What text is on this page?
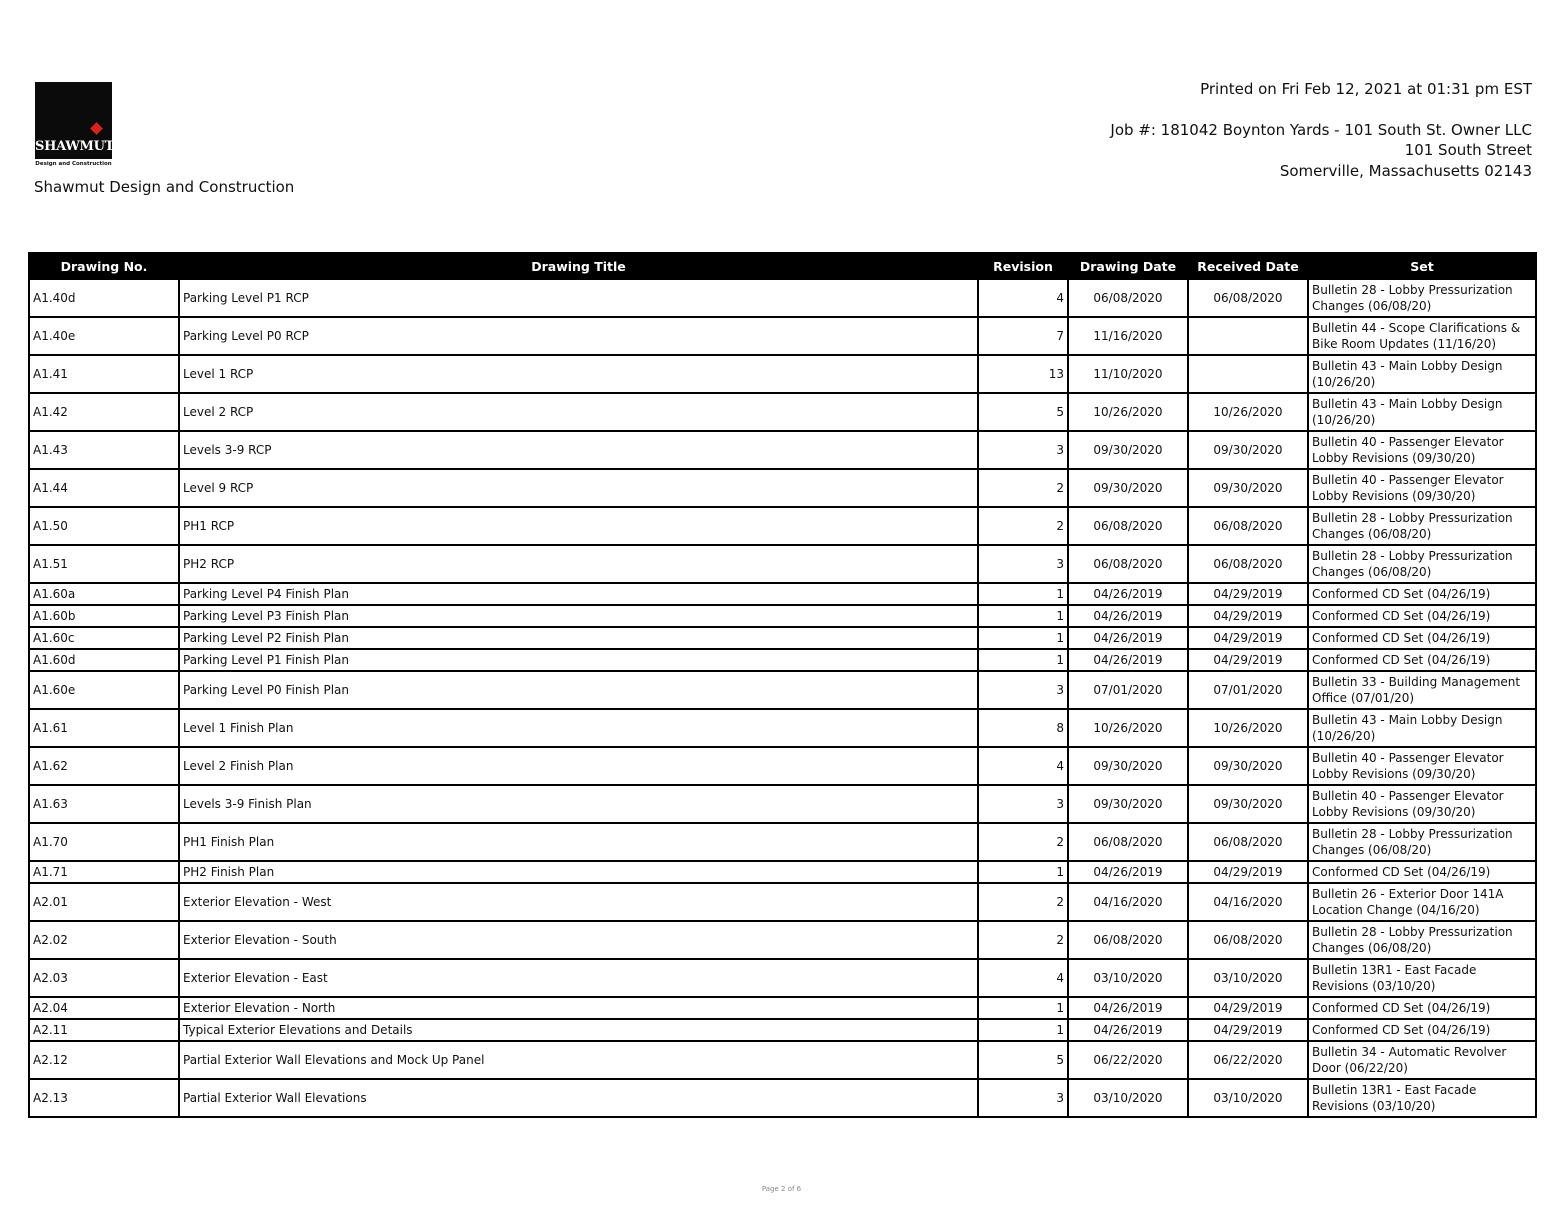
SHAWMUT
Design and Construction
Shawmut Design and Construction
Printed on Fri Feb 12, 2021 at 01:31 pm EST
Job #: 181042 Boynton Yards - 101 South St. Owner LLC
101 South Street
Somerville, Massachusetts 02143
Drawing No.	Drawing Title	Revision	Drawing Date	Received Date	Set
A1.40d	Parking Level P1 RCP	4	06/08/2020	06/08/2020	Bulletin 28 - Lobby Pressurization Changes (06/08/20)
A1.40e	Parking Level P0 RCP	7	11/16/2020		Bulletin 44 - Scope Clarifications & Bike Room Updates (11/16/20)
A1.41	Level 1 RCP	13	11/10/2020		Bulletin 43 - Main Lobby Design (10/26/20)
A1.42	Level 2 RCP	5	10/26/2020	10/26/2020	Bulletin 43 - Main Lobby Design (10/26/20)
A1.43	Levels 3-9 RCP	3	09/30/2020	09/30/2020	Bulletin 40 - Passenger Elevator Lobby Revisions (09/30/20)
A1.44	Level 9 RCP	2	09/30/2020	09/30/2020	Bulletin 40 - Passenger Elevator Lobby Revisions (09/30/20)
A1.50	PH1 RCP	2	06/08/2020	06/08/2020	Bulletin 28 - Lobby Pressurization Changes (06/08/20)
A1.51	PH2 RCP	3	06/08/2020	06/08/2020	Bulletin 28 - Lobby Pressurization Changes (06/08/20)
A1.60a	Parking Level P4 Finish Plan	1	04/26/2019	04/29/2019	Conformed CD Set (04/26/19)
A1.60b	Parking Level P3 Finish Plan	1	04/26/2019	04/29/2019	Conformed CD Set (04/26/19)
A1.60c	Parking Level P2 Finish Plan	1	04/26/2019	04/29/2019	Conformed CD Set (04/26/19)
A1.60d	Parking Level P1 Finish Plan	1	04/26/2019	04/29/2019	Conformed CD Set (04/26/19)
A1.60e	Parking Level P0 Finish Plan	3	07/01/2020	07/01/2020	Bulletin 33 - Building Management Office (07/01/20)
A1.61	Level 1 Finish Plan	8	10/26/2020	10/26/2020	Bulletin 43 - Main Lobby Design (10/26/20)
A1.62	Level 2 Finish Plan	4	09/30/2020	09/30/2020	Bulletin 40 - Passenger Elevator Lobby Revisions (09/30/20)
A1.63	Levels 3-9 Finish Plan	3	09/30/2020	09/30/2020	Bulletin 40 - Passenger Elevator Lobby Revisions (09/30/20)
A1.70	PH1 Finish Plan	2	06/08/2020	06/08/2020	Bulletin 28 - Lobby Pressurization Changes (06/08/20)
A1.71	PH2 Finish Plan	1	04/26/2019	04/29/2019	Conformed CD Set (04/26/19)
A2.01	Exterior Elevation - West	2	04/16/2020	04/16/2020	Bulletin 26 - Exterior Door 141A Location Change (04/16/20)
A2.02	Exterior Elevation - South	2	06/08/2020	06/08/2020	Bulletin 28 - Lobby Pressurization Changes (06/08/20)
A2.03	Exterior Elevation - East	4	03/10/2020	03/10/2020	Bulletin 13R1 - East Facade Revisions (03/10/20)
A2.04	Exterior Elevation - North	1	04/26/2019	04/29/2019	Conformed CD Set (04/26/19)
A2.11	Typical Exterior Elevations and Details	1	04/26/2019	04/29/2019	Conformed CD Set (04/26/19)
A2.12	Partial Exterior Wall Elevations and Mock Up Panel	5	06/22/2020	06/22/2020	Bulletin 34 - Automatic Revolver Door (06/22/20)
A2.13	Partial Exterior Wall Elevations	3	03/10/2020	03/10/2020	Bulletin 13R1 - East Facade Revisions (03/10/20)
Page 2 of 6
